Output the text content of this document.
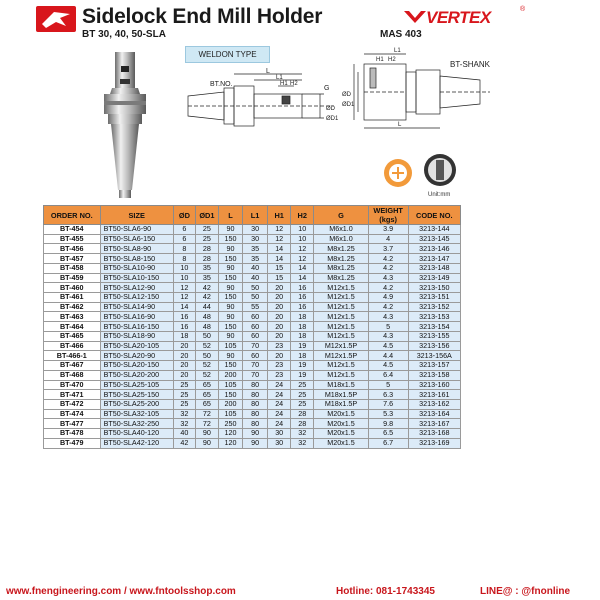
Sidelock End Mill Holder
BT 30, 40, 50-SLA	MAS 403
VERTEX	®
WELDON TYPE
BT.NO.
L
L1
H1 H2
G
ØD
ØD1
L1
H1 H2
L
ØD
ØD1
BT-SHANK
Unit:mm
ORDER NO.	SIZE	ØD	ØD1	L	L1	H1	H2	G	WEIGHT (kgs)	CODE NO.
BT-454	BT50-SLA6-90	6	25	90	30	12	10	M6x1.0	3.9	3213-144
BT-455	BT50-SLA6-150	6	25	150	30	12	10	M6x1.0	4	3213-145
BT-456	BT50-SLA8-90	8	28	90	35	14	12	M8x1.25	3.7	3213-146
BT-457	BT50-SLA8-150	8	28	150	35	14	12	M8x1.25	4.2	3213-147
BT-458	BT50-SLA10-90	10	35	90	40	15	14	M8x1.25	4.2	3213-148
BT-459	BT50-SLA10-150	10	35	150	40	15	14	M8x1.25	4.3	3213-149
BT-460	BT50-SLA12-90	12	42	90	50	20	16	M12x1.5	4.2	3213-150
BT-461	BT50-SLA12-150	12	42	150	50	20	16	M12x1.5	4.9	3213-151
BT-462	BT50-SLA14-90	14	44	90	55	20	16	M12x1.5	4.2	3213-152
BT-463	BT50-SLA16-90	16	48	90	60	20	18	M12x1.5	4.3	3213-153
BT-464	BT50-SLA16-150	16	48	150	60	20	18	M12x1.5	5	3213-154
BT-465	BT50-SLA18-90	18	50	90	60	20	18	M12x1.5	4.3	3213-155
BT-466	BT50-SLA20-105	20	52	105	70	23	19	M12x1.5P	4.5	3213-156
BT-466-1	BT50-SLA20-90	20	50	90	60	20	18	M12x1.5P	4.4	3213-156A
BT-467	BT50-SLA20-150	20	52	150	70	23	19	M12x1.5	4.5	3213-157
BT-468	BT50-SLA20-200	20	52	200	70	23	19	M12x1.5	6.4	3213-158
BT-470	BT50-SLA25-105	25	65	105	80	24	25	M18x1.5	5	3213-160
BT-471	BT50-SLA25-150	25	65	150	80	24	25	M18x1.5P	6.3	3213-161
BT-472	BT50-SLA25-200	25	65	200	80	24	25	M18x1.5P	7.6	3213-162
BT-474	BT50-SLA32-105	32	72	105	80	24	28	M20x1.5	5.3	3213-164
BT-477	BT50-SLA32-250	32	72	250	80	24	28	M20x1.5	9.8	3213-167
BT-478	BT50-SLA40-120	40	90	120	90	30	32	M20x1.5	6.5	3213-168
BT-479	BT50-SLA42-120	42	90	120	90	30	32	M20x1.5	6.7	3213-169
www.fnengineering.com / www.fntoolsshop.com	Hotline: 081-1743345	LINE@ : @fnonline
